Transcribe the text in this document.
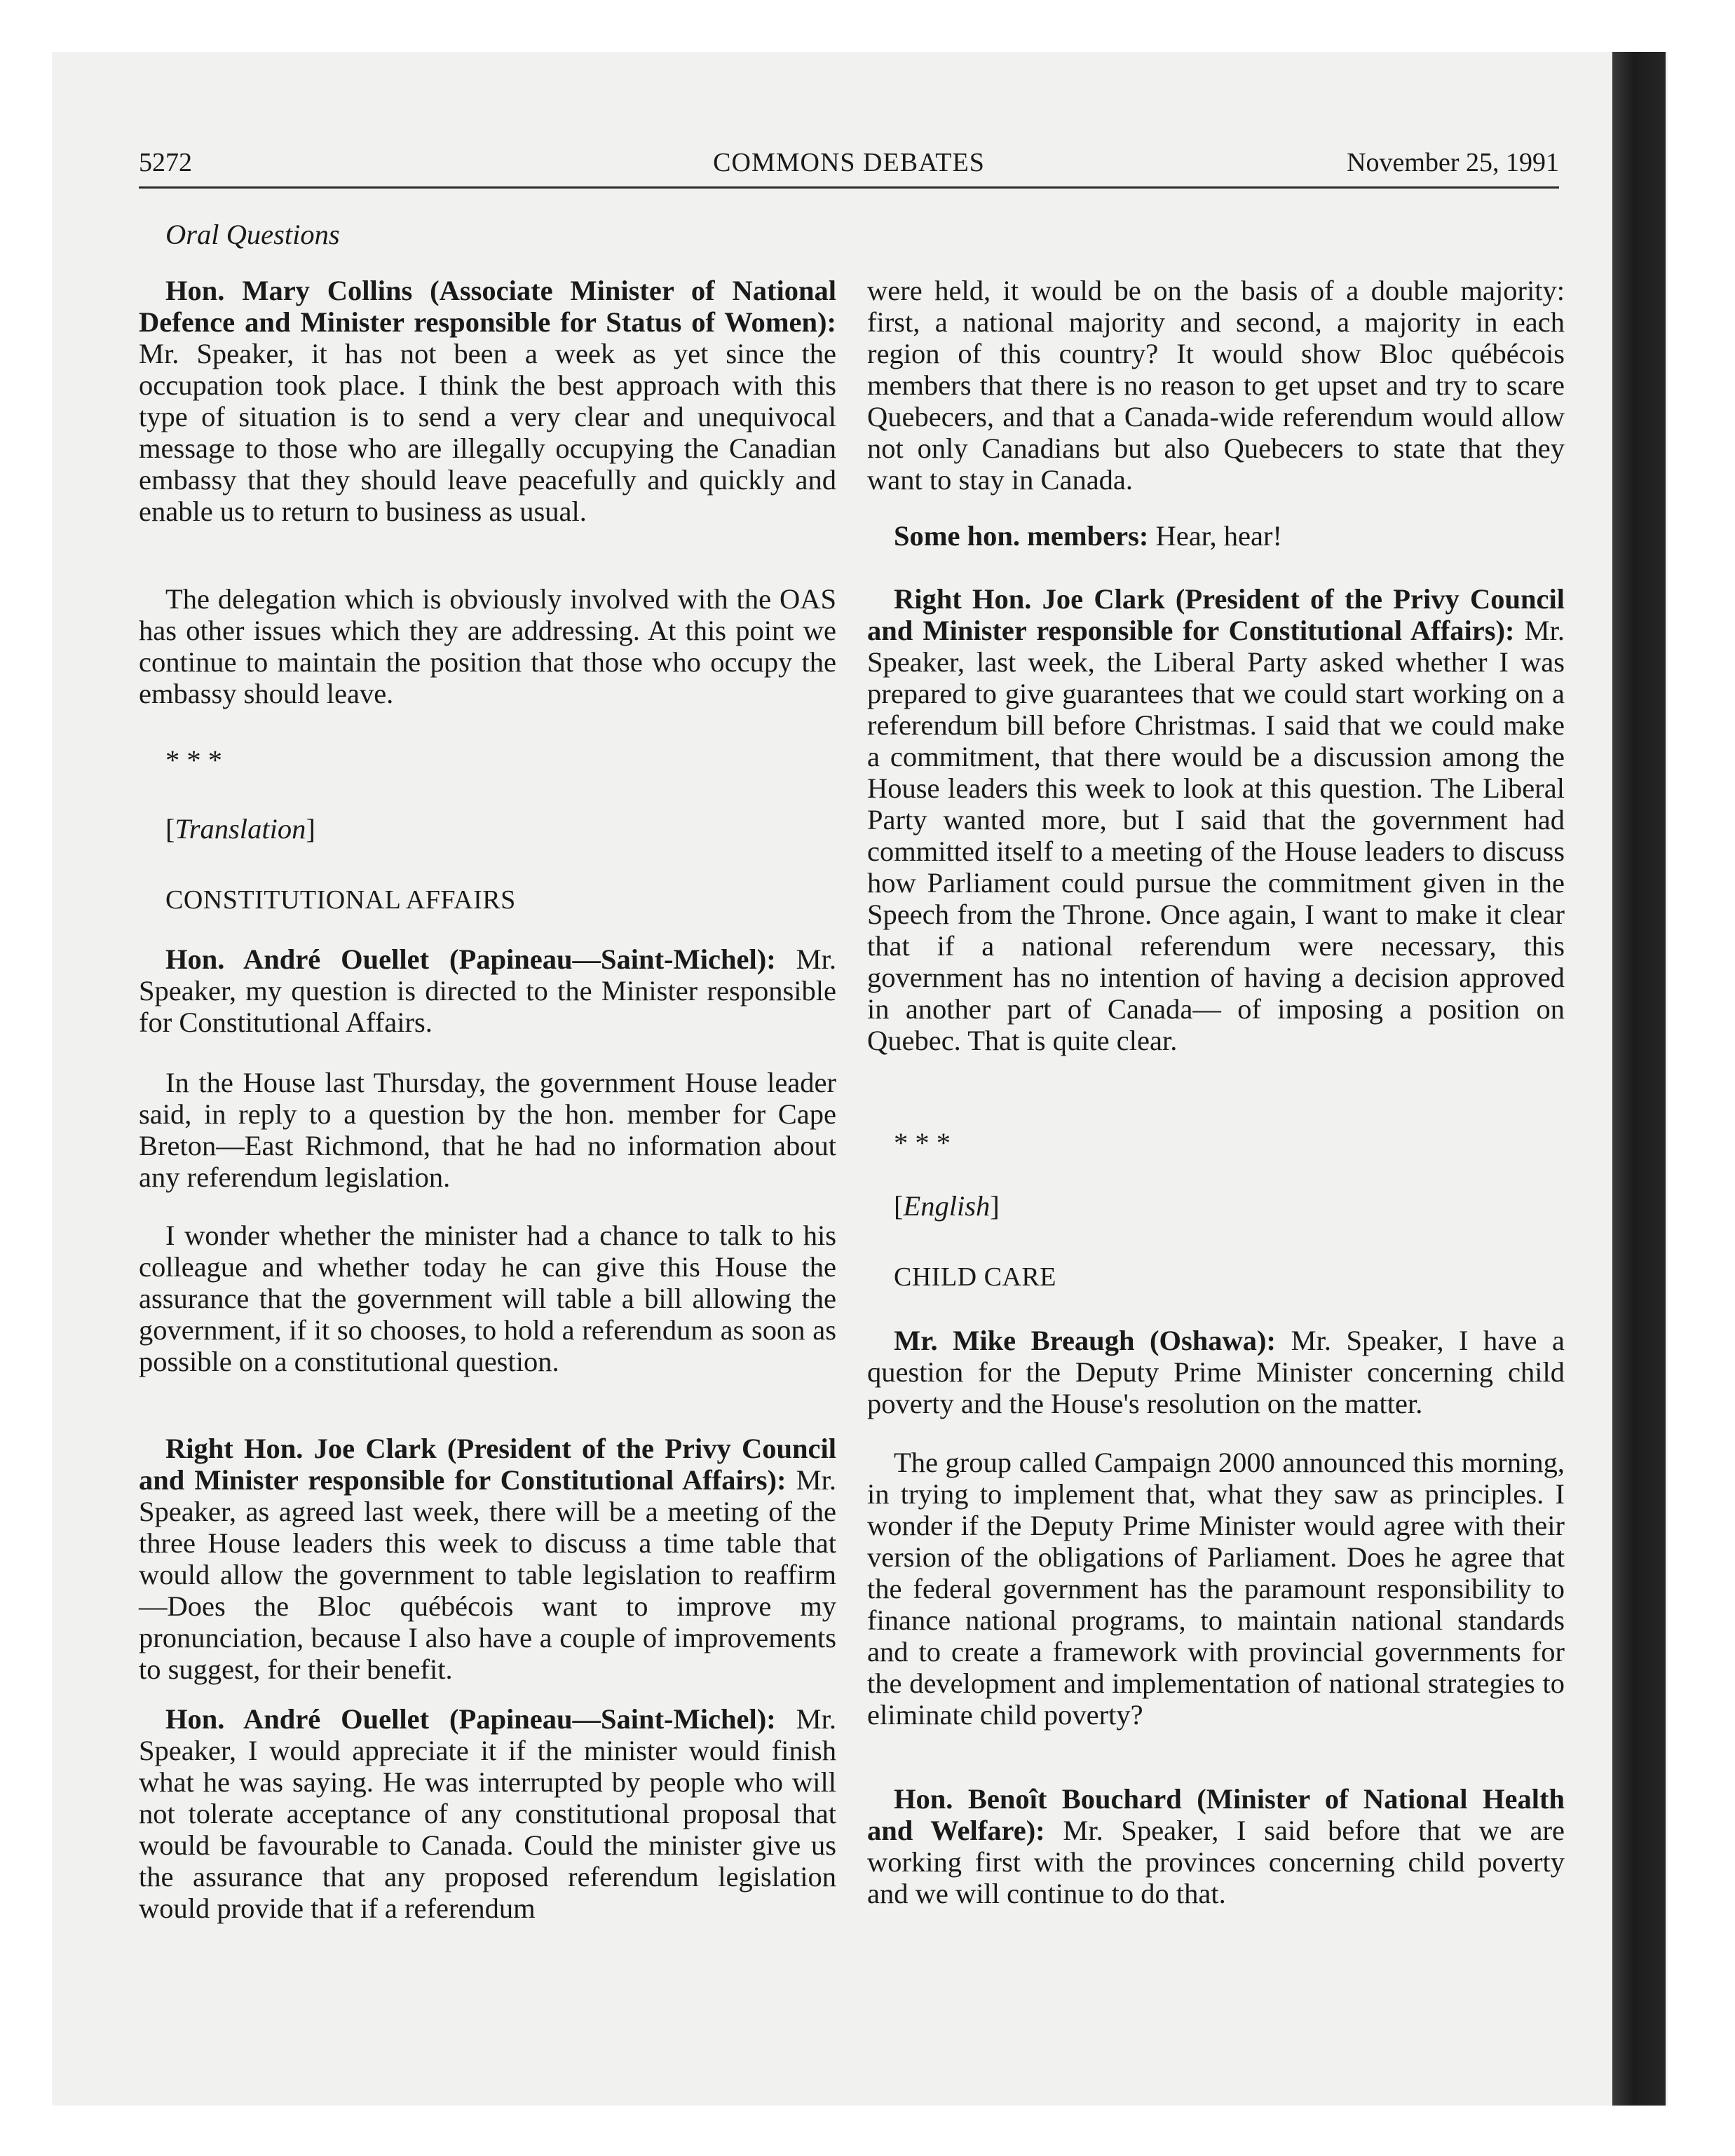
5272	COMMONS DEBATES	November 25, 1991

Oral Questions

Hon. Mary Collins (Associate Minister of National Defence and Minister responsible for Status of Women): Mr. Speaker, it has not been a week as yet since the occupation took place. I think the best approach with this type of situation is to send a very clear and unequivocal message to those who are illegally occupying the Canadian embassy that they should leave peacefully and quickly and enable us to return to business as usual.

The delegation which is obviously involved with the OAS has other issues which they are addressing. At this point we continue to maintain the position that those who occupy the embassy should leave.

* * *

[Translation]

CONSTITUTIONAL AFFAIRS

Hon. André Ouellet (Papineau—Saint-Michel): Mr. Speaker, my question is directed to the Minister responsible for Constitutional Affairs.

In the House last Thursday, the government House leader said, in reply to a question by the hon. member for Cape Breton—East Richmond, that he had no information about any referendum legislation.

I wonder whether the minister had a chance to talk to his colleague and whether today he can give this House the assurance that the government will table a bill allowing the government, if it so chooses, to hold a referendum as soon as possible on a constitutional question.

Right Hon. Joe Clark (President of the Privy Council and Minister responsible for Constitutional Affairs): Mr. Speaker, as agreed last week, there will be a meeting of the three House leaders this week to discuss a time table that would allow the government to table legislation to reaffirm—Does the Bloc québécois want to improve my pronunciation, because I also have a couple of improvements to suggest, for their benefit.

Hon. André Ouellet (Papineau—Saint-Michel): Mr. Speaker, I would appreciate it if the minister would finish what he was saying. He was interrupted by people who will not tolerate acceptance of any constitutional proposal that would be favourable to Canada. Could the minister give us the assurance that any proposed referendum legislation would provide that if a referendum

were held, it would be on the basis of a double majority: first, a national majority and second, a majority in each region of this country? It would show Bloc québécois members that there is no reason to get upset and try to scare Quebecers, and that a Canada-wide referendum would allow not only Canadians but also Quebecers to state that they want to stay in Canada.

Some hon. members: Hear, hear!

Right Hon. Joe Clark (President of the Privy Council and Minister responsible for Constitutional Affairs): Mr. Speaker, last week, the Liberal Party asked whether I was prepared to give guarantees that we could start working on a referendum bill before Christmas. I said that we could make a commitment, that there would be a discussion among the House leaders this week to look at this question. The Liberal Party wanted more, but I said that the government had committed itself to a meeting of the House leaders to discuss how Parliament could pursue the commitment given in the Speech from the Throne. Once again, I want to make it clear that if a national referendum were necessary, this government has no intention of having a decision approved in another part of Canada— of imposing a position on Quebec. That is quite clear.

* * *

[English]

CHILD CARE

Mr. Mike Breaugh (Oshawa): Mr. Speaker, I have a question for the Deputy Prime Minister concerning child poverty and the House's resolution on the matter.

The group called Campaign 2000 announced this morning, in trying to implement that, what they saw as principles. I wonder if the Deputy Prime Minister would agree with their version of the obligations of Parliament. Does he agree that the federal government has the paramount responsibility to finance national programs, to maintain national standards and to create a framework with provincial governments for the development and implementation of national strategies to eliminate child poverty?

Hon. Benoît Bouchard (Minister of National Health and Welfare): Mr. Speaker, I said before that we are working first with the provinces concerning child poverty and we will continue to do that.
